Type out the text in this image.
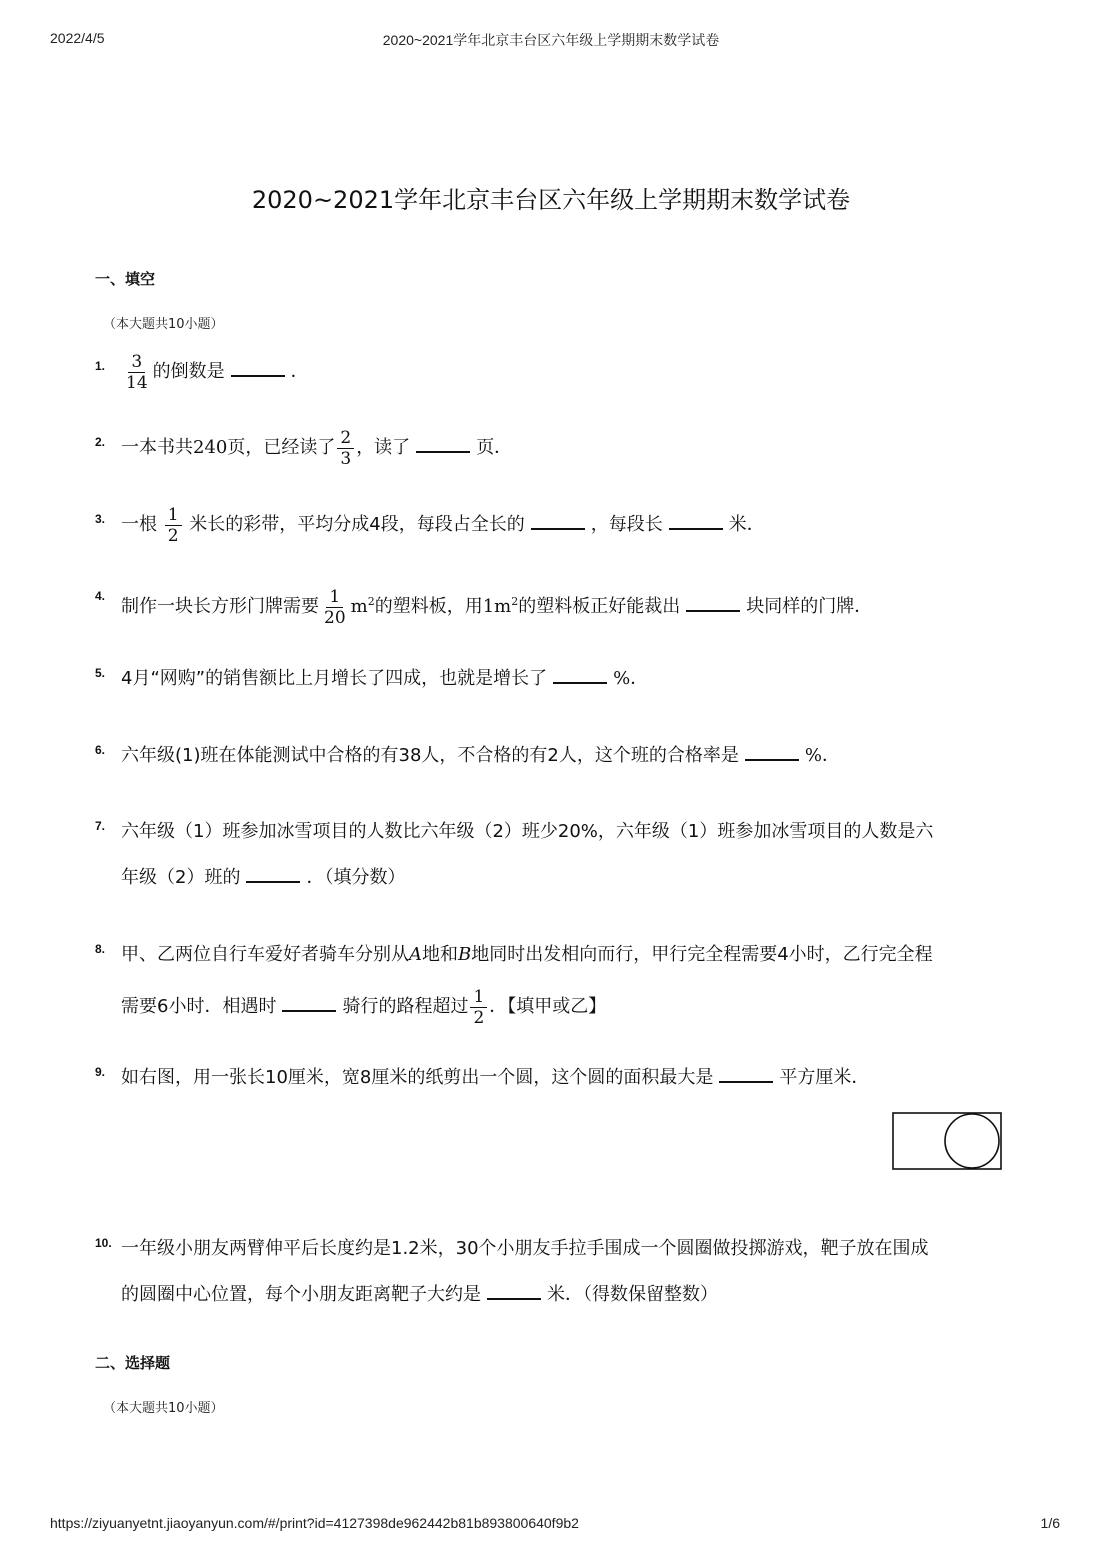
2022/4/5	2020~2021学年北京丰台区六年级上学期期末数学试卷
2020~2021学年北京丰台区六年级上学期期末数学试卷
一、填空
（本大题共10小题）
1. $\frac{3}{14}$ 的倒数是	．
2. 一本书共240页，已经读了 $\frac{2}{3}$ ，读了	页．
3. 一根 $\frac{1}{2}$ 米长的彩带，平均分成4段，每段占全长的	，每段长	米．
4. 制作一块长方形门牌需要 $\frac{1}{20} m^2$的塑料板，用$1m^2$的塑料板正好能裁出	块同样的门牌．
5. 4月“网购”的销售额比上月增长了四成，也就是增长了	%．
6. 六年级(1)班在体能测试中合格的有38人，不合格的有2人，这个班的合格率是	%．
7. 六年级（1）班参加冰雪项目的人数比六年级（2）班少20%，六年级（1）班参加冰雪项目的人数是六
年级（2）班的	．（填分数）
8. 甲、乙两位自行车爱好者骑车分别从A地和B地同时出发相向而行，甲行完全程需要4小时，乙行完全程
需要6小时．相遇时	骑行的路程超过 $\frac{1}{2}$ ．【填甲或乙】
9. 如右图，用一张长10厘米，宽8厘米的纸剪出一个圆，这个圆的面积最大是	平方厘米．
10. 一年级小朋友两臂伸平后长度约是1.2米，30个小朋友手拉手围成一个圆圈做投掷游戏，靶子放在围成
的圆圈中心位置，每个小朋友距离靶子大约是	米．（得数保留整数）
二、选择题
（本大题共10小题）
https://ziyuanyetnt.jiaoyanyun.com/#/print?id=4127398de962442b81b893800640f9b2	1/6
